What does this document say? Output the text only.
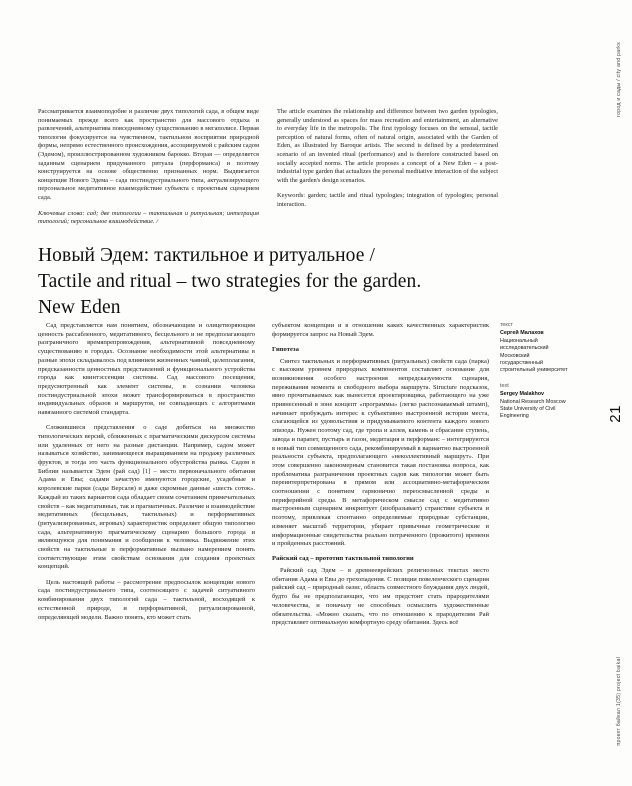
город и сады / city and parks
21
проект байкал 1(35) project baikal

Рассматривается взаимоподобие и различие двух типологий сада, в общем виде понимаемых прежде всего как пространство для массового отдыха и развлечений, альтернатива повседневному существованию в мегаполисе. Первая типология фокусируется на чувственном, тактильном восприятии природной формы, непрямо естественного происхождения, ассоциируемой с райским садом (Эдемом), проиллюстрированном художником барокко. Вторая — определяется заданным сценарием придуманного ритуала (перформанса) и поэтому конструируется на основе общественно признанных норм. Выдвигается концепция Нового Эдема – сада постиндустриального типа, актуализирующего персональное медитативное взаимодействие субъекта с проектным сценарием сада.

Ключевые слова: сад; две типологии – тактильная и ритуальная; интеграция типологий; персональное взаимодействие. /

The article examines the relationship and difference between two garden typologies, generally understood as spaces for mass recreation and entertainment, an alternative to everyday life in the metropolis. The first typology focuses on the sensual, tactile perception of natural forms, often of natural origin, associated with the Garden of Eden, as illustrated by Baroque artists. The second is defined by a predetermined scenario of an invented ritual (performance) and is therefore constructed based on socially accepted norms. The article proposes a concept of a New Eden – a post-industrial type garden that actualizes the personal meditative interaction of the subject with the garden's design scenarios.

Keywords: garden; tactile and ritual typologies; integration of typologies; personal interaction.

Новый Эдем: тактильное и ритуальное /
Tactile and ritual – two strategies for the garden.
New Eden

Сад представляется нам понятием, обозначающим и олицетворяющим ценность рассабленного, медитативного, бесцельного и не предполагающего разграничного времяпрепровождения, альтернативной повседневному существованию в городах. Осознание необходимости этой альтернативы в разные эпохи складывалось под влиянием жизненных чаяний, целеполагания, предсказанности ценностных представлений и функционального устройства города как квинтэссенции системы. Сад массового посещения, предусмотренный как элемент системы, в сознании человека постиндустриальной эпохи может трансформироваться в пространство индивидуальных образов и маршрутов, не совпадающих с алгоритмами навязанного системой стандарта.

Сложившиеся представления о саде добиться на множество типологических версий, сближенных с прагматическими дискурсом системы или удаленных от него на разные дистанции. Например, садом может называться хозяйство, занимающееся выращиванием на продажу различных фруктов, и тогда это часть функционального обустройства рынка. Садом в Библии называется Эдем (рай сад) [1] – место первоначального обитания Адама и Евы; садами зачастую именуются городские, усадебные и королевские парки (сады Версаля) и даже скромные данные «шесть соток». Каждый из таких вариантов сада обладает своим сочетанием примечательных свойств – как медитативных, так и прагматичных. Различие и взаимодействие медитативных (бесцельных, тактильных) и перформативных (ритуализированных, игровых) характеристик определяет общую типологию сада, альтернативную прагматическому сценарию большого города и являющуюся для понимания и сообщения к человека. Выдвижение этих свойств на тактильные и перформативные вызвано намерением понять соответствующие этим свойствам основания для создания проектных концепций.

Цель настоящей работы – рассмотрение предпосылок концепции нового сада постиндустриального типа, соотносящего с задачей ситуативного комбинирования двух типологий сада – тактильной, восходящей к естественной природе, и перформативной, ритуализированной, определяющей модели. Важно понять, кто может стать

субъектом концепции и в отношении каких качественных характеристик формируется запрос на Новый Эдем.

Гипотеза

Синтез тактильных и перформативных (ритуальных) свойств сада (парка) с высоким уровнем природных компонентов составляет основание для возникновения особого настроения непредсказуемости сценария, переживания момента и свободного выбора маршрута. Structure подсказок, явно прочитываемых как вынесется проектировщика, работающего на уже привнесенный в зоне концепт «программы» (легко распознаваемый штамп), начинает пробуждать интерес к субъективно выстроенной истории места, слагающейся из удовольствия и придумываемого контента каждого нового эпизода. Нужен поэтому сад, где тропа и аллея, камень и сбрасание ступень, завода и парапет, пустырь и газон, медитация и перформанс – интегрируются в новый тип совмещенного сада, рекомбинируемый в вариантно выстроенной реальности субъекта, предполагающего «неколлективный маршрут». При этом совершенно закономерным становится такая постановка вопроса, как проблематика разграничения проектных садов как типологии может быть переинтерпретирована в прямом или ассоциативно-метафорическом соотношении с понятием гармонично переосмысленной среды и периферийной среды. В метафорическом смысле сад с медитативно выстроенным сценарием инкриптует (изобразывает) странствие субъекта и поэтому, привлекая спонтанно определяемые природные субстанции, изменяет масштаб территории, убирает привычные геометрические и информационные свидетельства реально потраченного (прожитого) времени и пройденных расстояний.

Райский сад – прототип тактильной типологии

Райский сад Эдем – в древнееврейских религиозных текстах место обитания Адама и Евы до грехопадения. С позиции повеленческого сценария райский сад – природный оазис, область совместного блуждания двух людей, будто бы не предполагающих, что им предстоит стать прародителями человечества, и поначалу не способных осмыслить художественные обязательства. «Можно сказать, что по отношению к прародителям Рай представляет оптимальную комфортную среду обитания. Здесь всё

текст

Сергей Малахов

Национальный исследовательский Московский государственный строительный университет

text

Sergey Malakhov

National Research Moscow State University of Civil Engineering
